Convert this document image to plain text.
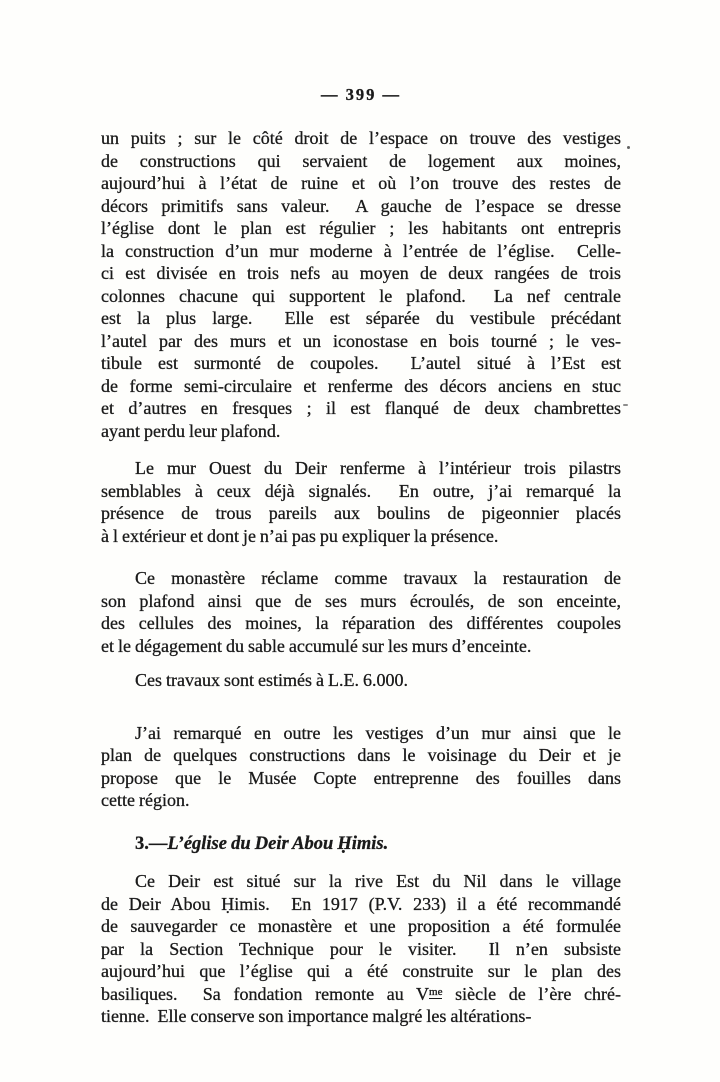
— 399 —
un puits ; sur le côté droit de l’espace on trouve des vestiges
de constructions qui servaient de logement aux moines,
aujourd’hui à l’état de ruine et où l’on trouve des restes de
décors primitifs sans valeur.  A gauche de l’espace se dresse
l’église dont le plan est régulier ; les habitants ont entrepris
la construction d’un mur moderne à l’entrée de l’église.  Celle-
ci est divisée en trois nefs au moyen de deux rangées de trois
colonnes chacune qui supportent le plafond.  La nef centrale
est la plus large.  Elle est séparée du vestibule précédant
l’autel par des murs et un iconostase en bois tourné ; le ves-
tibule est surmonté de coupoles.  L’autel situé à l’Est est
de forme semi-circulaire et renferme des décors anciens en stuc
et d’autres en fresques ; il est flanqué de deux chambrettes
ayant perdu leur plafond.
Le mur Ouest du Deir renferme à l’intérieur trois pilastrs
semblables à ceux déjà signalés.  En outre, j’ai remarqué la
présence de trous pareils aux boulins de pigeonnier placés
à l extérieur et dont je n’ai pas pu expliquer la présence.
Ce monastère réclame comme travaux la restauration de
son plafond ainsi que de ses murs écroulés, de son enceinte,
des cellules des moines, la réparation des différentes coupoles
et le dégagement du sable accumulé sur les murs d’enceinte.
Ces travaux sont estimés à L.E. 6.000.
J’ai remarqué en outre les vestiges d’un mur ainsi que le
plan de quelques constructions dans le voisinage du Deir et je
propose que le Musée Copte entreprenne des fouilles dans
cette région.
3.—L’église du Deir Abou Ḥimis.
Ce Deir est situé sur la rive Est du Nil dans le village
de Deir Abou Ḥimis.  En 1917 (P.V. 233) il a été recommandé
de sauvegarder ce monastère et une proposition a été formulée
par la Section Technique pour le visiter.  Il n’en subsiste
aujourd’hui que l’église qui a été construite sur le plan des
basiliques.  Sa fondation remonte au $V^{me}$ siècle de l’ère chré-
tienne.  Elle conserve son importance malgré les altérations-
